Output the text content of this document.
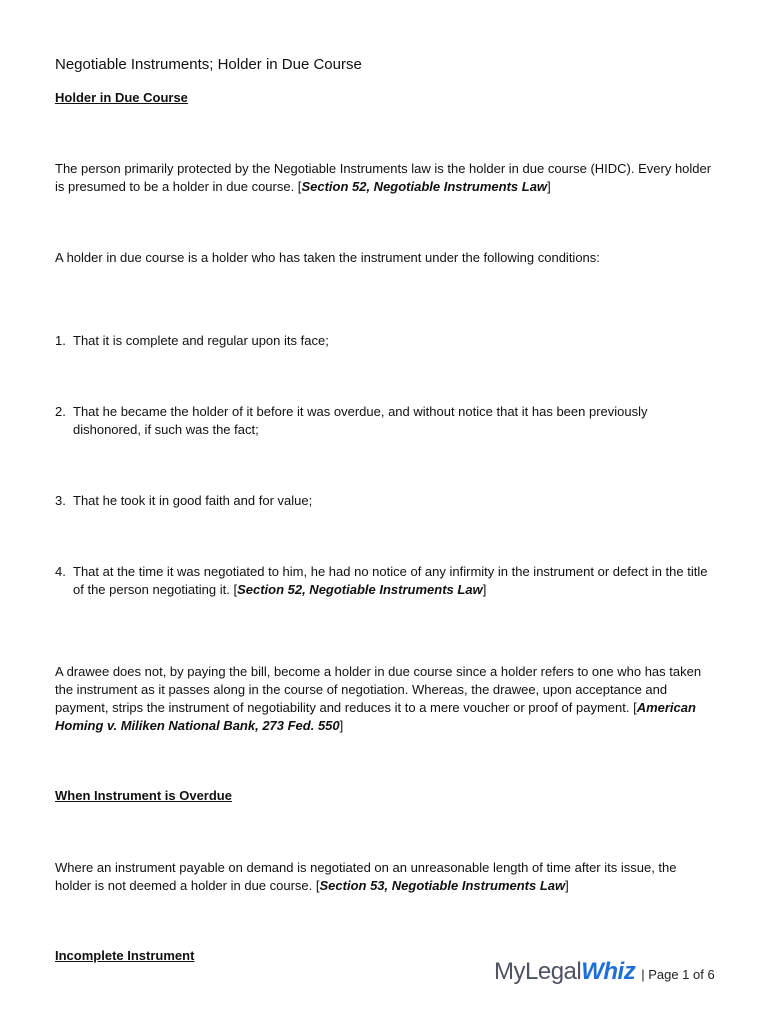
Negotiable Instruments; Holder in Due Course
Holder in Due Course
The person primarily protected by the Negotiable Instruments law is the holder in due course (HIDC). Every holder is presumed to be a holder in due course. [Section 52, Negotiable Instruments Law]
A holder in due course is a holder who has taken the instrument under the following conditions:
1. That it is complete and regular upon its face;
2. That he became the holder of it before it was overdue, and without notice that it has been previously dishonored, if such was the fact;
3. That he took it in good faith and for value;
4. That at the time it was negotiated to him, he had no notice of any infirmity in the instrument or defect in the title of the person negotiating it. [Section 52, Negotiable Instruments Law]
A drawee does not, by paying the bill, become a holder in due course since a holder refers to one who has taken the instrument as it passes along in the course of negotiation. Whereas, the drawee, upon acceptance and payment, strips the instrument of negotiability and reduces it to a mere voucher or proof of payment. [American Homing v. Miliken National Bank, 273 Fed. 550]
When Instrument is Overdue
Where an instrument payable on demand is negotiated on an unreasonable length of time after its issue, the holder is not deemed a holder in due course. [Section 53, Negotiable Instruments Law]
Incomplete Instrument
MyLegalWhiz | Page 1 of 6
